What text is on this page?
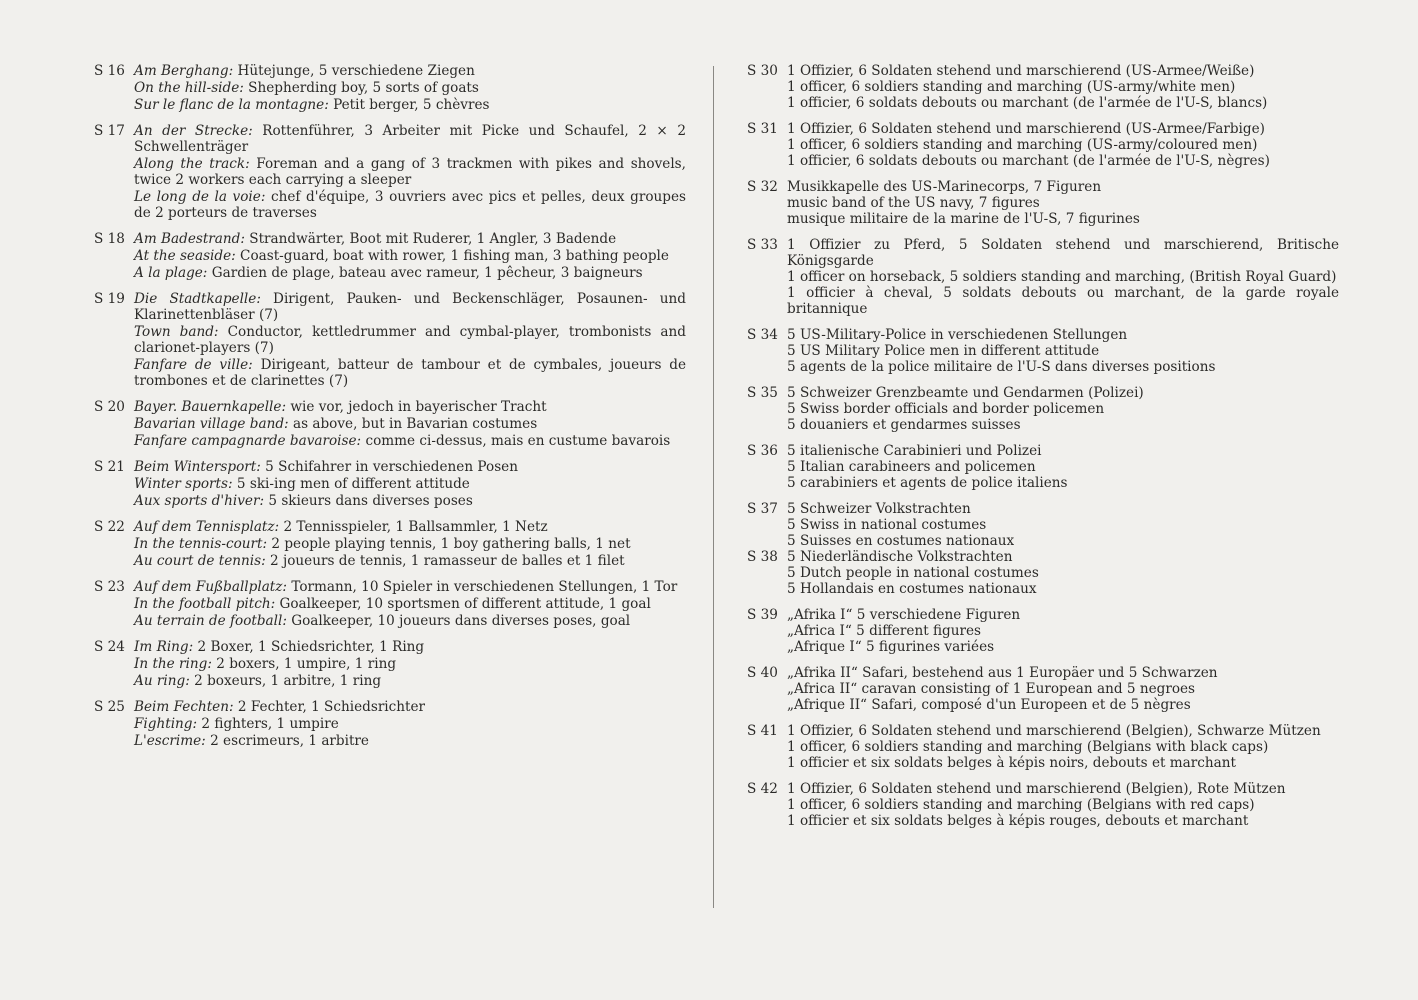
S 16 Am Berghang: Hütejunge, 5 verschiedene Ziegen
On the hill-side: Shepherding boy, 5 sorts of goats
Sur le flanc de la montagne: Petit berger, 5 chèvres
S 17 An der Strecke: Rottenführer, 3 Arbeiter mit Picke und Schaufel, 2 × 2 Schwellenträger
Along the track: Foreman and a gang of 3 trackmen with pikes and shovels, twice 2 workers each carrying a sleeper
Le long de la voie: chef d'équipe, 3 ouvriers avec pics et pelles, deux groupes de 2 porteurs de traverses
S 18 Am Badestrand: Strandwärter, Boot mit Ruderer, 1 Angler, 3 Badende
At the seaside: Coast-guard, boat with rower, 1 fishing man, 3 bathing people
A la plage: Gardien de plage, bateau avec rameur, 1 pêcheur, 3 baigneurs
S 19 Die Stadtkapelle: Dirigent, Pauken- und Beckenschläger, Posaunen- und Klarinettenbläser (7)
Town band: Conductor, kettledrummer and cymbal-player, trombonists and clarionet-players (7)
Fanfare de ville: Dirigeant, batteur de tambour et de cymbales, joueurs de trombones et de clarinettes (7)
S 20 Bayer. Bauernkapelle: wie vor, jedoch in bayerischer Tracht
Bavarian village band: as above, but in Bavarian costumes
Fanfare campagnarde bavaroise: comme ci-dessus, mais en custume bavarois
S 21 Beim Wintersport: 5 Schifahrer in verschiedenen Posen
Winter sports: 5 ski-ing men of different attitude
Aux sports d'hiver: 5 skieurs dans diverses poses
S 22 Auf dem Tennisplatz: 2 Tennisspieler, 1 Ballsammler, 1 Netz
In the tennis-court: 2 people playing tennis, 1 boy gathering balls, 1 net
Au court de tennis: 2 joueurs de tennis, 1 ramasseur de balles et 1 filet
S 23 Auf dem Fußballplatz: Tormann, 10 Spieler in verschiedenen Stellungen, 1 Tor
In the football pitch: Goalkeeper, 10 sportsmen of different attitude, 1 goal
Au terrain de football: Goalkeeper, 10 joueurs dans diverses poses, goal
S 24 Im Ring: 2 Boxer, 1 Schiedsrichter, 1 Ring
In the ring: 2 boxers, 1 umpire, 1 ring
Au ring: 2 boxeurs, 1 arbitre, 1 ring
S 25 Beim Fechten: 2 Fechter, 1 Schiedsrichter
Fighting: 2 fighters, 1 umpire
L'escrime: 2 escrimeurs, 1 arbitre
S 30 1 Offizier, 6 Soldaten stehend und marschierend (US-Armee/Weiße)
1 officer, 6 soldiers standing and marching (US-army/white men)
1 officier, 6 soldats debouts ou marchant (de l'armée de l'U-S, blancs)
S 31 1 Offizier, 6 Soldaten stehend und marschierend (US-Armee/Farbige)
1 officer, 6 soldiers standing and marching (US-army/coloured men)
1 officier, 6 soldats debouts ou marchant (de l'armée de l'U-S, nègres)
S 32 Musikkapelle des US-Marinecorps, 7 Figuren
music band of the US navy, 7 figures
musique militaire de la marine de l'U-S, 7 figurines
S 33 1 Offizier zu Pferd, 5 Soldaten stehend und marschierend, Britische Königsgarde
1 officer on horseback, 5 soldiers standing and marching, (British Royal Guard)
1 officier à cheval, 5 soldats debouts ou marchant, de la garde royale britannique
S 34 5 US-Military-Police in verschiedenen Stellungen
5 US Military Police men in different attitude
5 agents de la police militaire de l'U-S dans diverses positions
S 35 5 Schweizer Grenzbeamte und Gendarmen (Polizei)
5 Swiss border officials and border policemen
5 douaniers et gendarmes suisses
S 36 5 italienische Carabinieri und Polizei
5 Italian carabineers and policemen
5 carabiniers et agents de police italiens
S 37 5 Schweizer Volkstrachten
5 Swiss in national costumes
5 Suisses en costumes nationaux
S 38 5 Niederländische Volkstrachten
5 Dutch people in national costumes
5 Hollandais en costumes nationaux
S 39 „Afrika I“ 5 verschiedene Figuren
„Africa I“ 5 different figures
„Afrique I“ 5 figurines variées
S 40 „Afrika II“ Safari, bestehend aus 1 Europäer und 5 Schwarzen
„Africa II“ caravan consisting of 1 European and 5 negroes
„Afrique II“ Safari, composé d'un Europeen et de 5 nègres
S 41 1 Offizier, 6 Soldaten stehend und marschierend (Belgien), Schwarze Mützen
1 officer, 6 soldiers standing and marching (Belgians with black caps)
1 officier et six soldats belges à képis noirs, debouts et marchant
S 42 1 Offizier, 6 Soldaten stehend und marschierend (Belgien), Rote Mützen
1 officer, 6 soldiers standing and marching (Belgians with red caps)
1 officier et six soldats belges à képis rouges, debouts et marchant
